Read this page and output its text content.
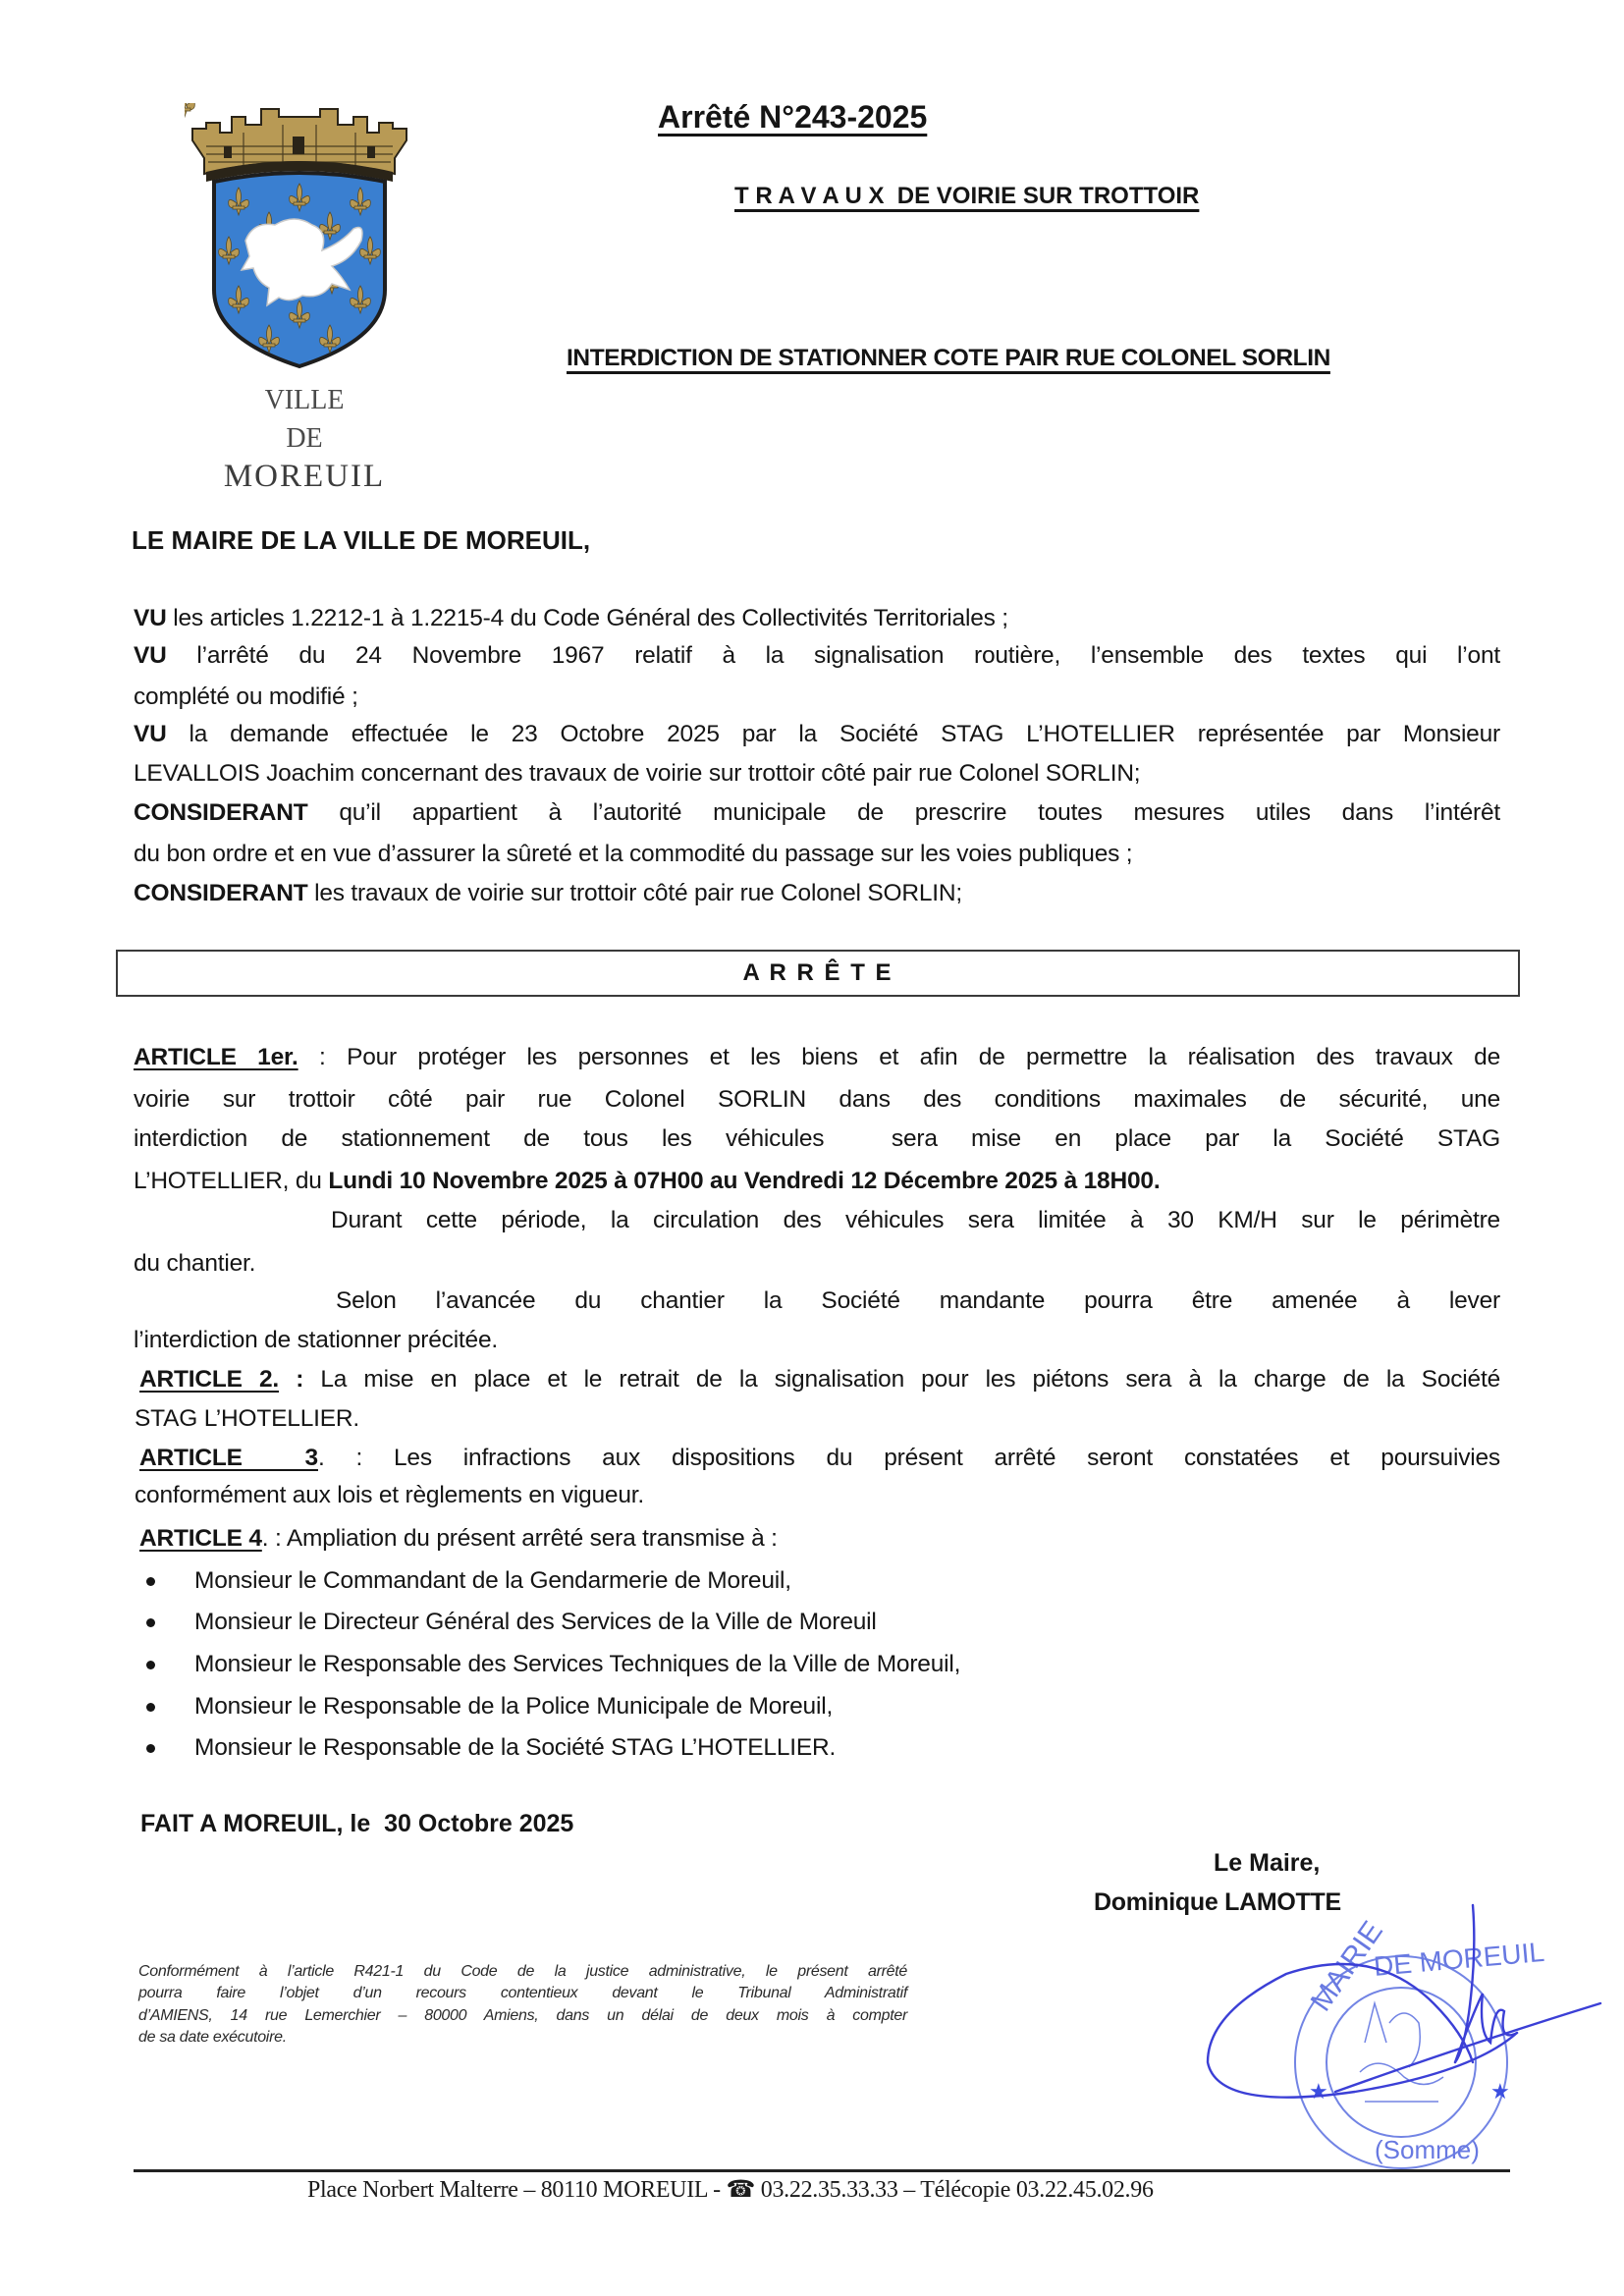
VILLE
DE
MOREUIL
Arrêté N°243-2025
T R A V A U X  DE VOIRIE SUR TROTTOIR
INTERDICTION DE STATIONNER COTE PAIR RUE COLONEL SORLIN
LE MAIRE DE LA VILLE DE MOREUIL,
VU les articles 1.2212-1 à 1.2215-4 du Code Général des Collectivités Territoriales ;
VU l’arrêté du 24 Novembre 1967 relatif à la signalisation routière, l’ensemble des textes qui l’ont
complété ou modifié ;
VU la demande effectuée le 23 Octobre 2025 par la Société STAG L’HOTELLIER représentée par Monsieur
LEVALLOIS Joachim concernant des travaux de voirie sur trottoir côté pair rue Colonel SORLIN;
CONSIDERANT qu’il appartient à l’autorité municipale de prescrire toutes mesures utiles dans l’intérêt
du bon ordre et en vue d’assurer la sûreté et la commodité du passage sur les voies publiques ;
CONSIDERANT les travaux de voirie sur trottoir côté pair rue Colonel SORLIN;
A R R Ê T E
ARTICLE 1er. : Pour protéger les personnes et les biens et afin de permettre la réalisation des travaux de
voirie sur trottoir côté pair rue Colonel SORLIN dans des conditions maximales de sécurité, une
interdiction de stationnement de tous les véhicules  sera mise en place par la Société STAG
L’HOTELLIER, du Lundi 10 Novembre 2025 à 07H00 au Vendredi 12 Décembre 2025 à 18H00.
Durant cette période, la circulation des véhicules sera limitée à 30 KM/H sur le périmètre
du chantier.
Selon l’avancée du chantier la Société mandante pourra être amenée à lever
l’interdiction de stationner précitée.
ARTICLE 2. : La mise en place et le retrait de la signalisation pour les piétons sera à la charge de la Société
STAG L’HOTELLIER.
ARTICLE  3. : Les infractions aux dispositions du présent arrêté seront constatées et poursuivies
conformément aux lois et règlements en vigueur.
ARTICLE 4. : Ampliation du présent arrêté sera transmise à :
Monsieur le Commandant de la Gendarmerie de Moreuil,
Monsieur le Directeur Général des Services de la Ville de Moreuil
Monsieur le Responsable des Services Techniques de la Ville de Moreuil,
Monsieur le Responsable de la Police Municipale de Moreuil,
Monsieur le Responsable de la Société STAG L’HOTELLIER.
FAIT A MOREUIL, le  30 Octobre 2025
Le Maire,
Dominique LAMOTTE
MAIRIE
DE MOREUIL
(Somme)
★	★
Conformément à l’article R421-1 du Code de la justice administrative, le présent arrêté
pourra faire l’objet d’un recours contentieux devant le Tribunal Administratif
d’AMIENS, 14 rue Lemerchier – 80000 Amiens, dans un délai de deux mois à compter
de sa date exécutoire.
Place Norbert Malterre – 80110 MOREUIL - ☎ 03.22.35.33.33 – Télécopie 03.22.45.02.96
